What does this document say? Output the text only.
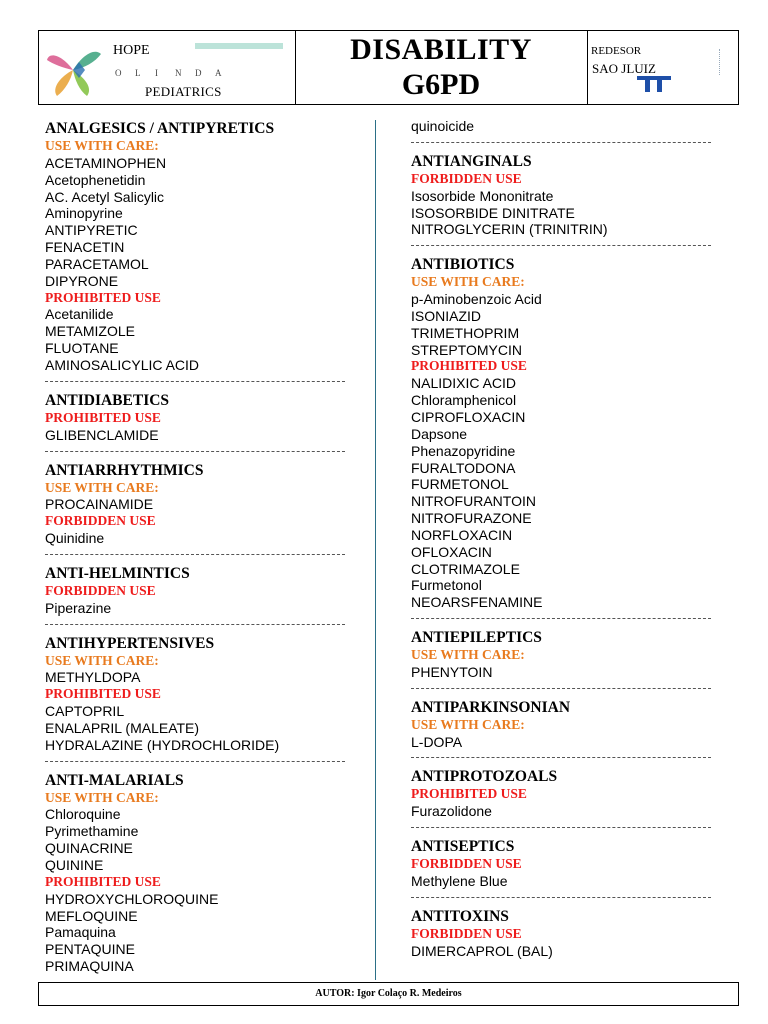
HOPE
O L I N D A
PEDIATRICS
DISABILITY
G6PD
REDESOR
SAO JLUIZ
ANALGESICS / ANTIPYRETICS
USE WITH CARE:
ACETAMINOPHEN
Acetophenetidin
AC. Acetyl Salicylic
Aminopyrine
ANTIPYRETIC
FENACETIN
PARACETAMOL
DIPYRONE
PROHIBITED USE
Acetanilide
METAMIZOLE
FLUOTANE
AMINOSALICYLIC ACID
ANTIDIABETICS
PROHIBITED USE
GLIBENCLAMIDE
ANTIARRHYTHMICS
USE WITH CARE:
PROCAINAMIDE
FORBIDDEN USE
Quinidine
ANTI-HELMINTICS
FORBIDDEN USE
Piperazine
ANTIHYPERTENSIVES
USE WITH CARE:
METHYLDOPA
PROHIBITED USE
CAPTOPRIL
ENALAPRIL (MALEATE)
HYDRALAZINE (HYDROCHLORIDE)
ANTI-MALARIALS
USE WITH CARE:
Chloroquine
Pyrimethamine
QUINACRINE
QUININE
PROHIBITED USE
HYDROXYCHLOROQUINE
MEFLOQUINE
Pamaquina
PENTAQUINE
PRIMAQUINA
quinoicide
ANTIANGINALS
FORBIDDEN USE
Isosorbide Mononitrate
ISOSORBIDE DINITRATE
NITROGLYCERIN (TRINITRIN)
ANTIBIOTICS
USE WITH CARE:
p-Aminobenzoic Acid
ISONIAZID
TRIMETHOPRIM
STREPTOMYCIN
PROHIBITED USE
NALIDIXIC ACID
Chloramphenicol
CIPROFLOXACIN
Dapsone
Phenazopyridine
FURALTODONA
FURMETONOL
NITROFURANTOIN
NITROFURAZONE
NORFLOXACIN
OFLOXACIN
CLOTRIMAZOLE
Furmetonol
NEOARSFENAMINE
ANTIEPILEPTICS
USE WITH CARE:
PHENYTOIN
ANTIPARKINSONIAN
USE WITH CARE:
L-DOPA
ANTIPROTOZOALS
PROHIBITED USE
Furazolidone
ANTISEPTICS
FORBIDDEN USE
Methylene Blue
ANTITOXINS
FORBIDDEN USE
DIMERCAPROL (BAL)
AUTOR: Igor Colaço R. Medeiros
